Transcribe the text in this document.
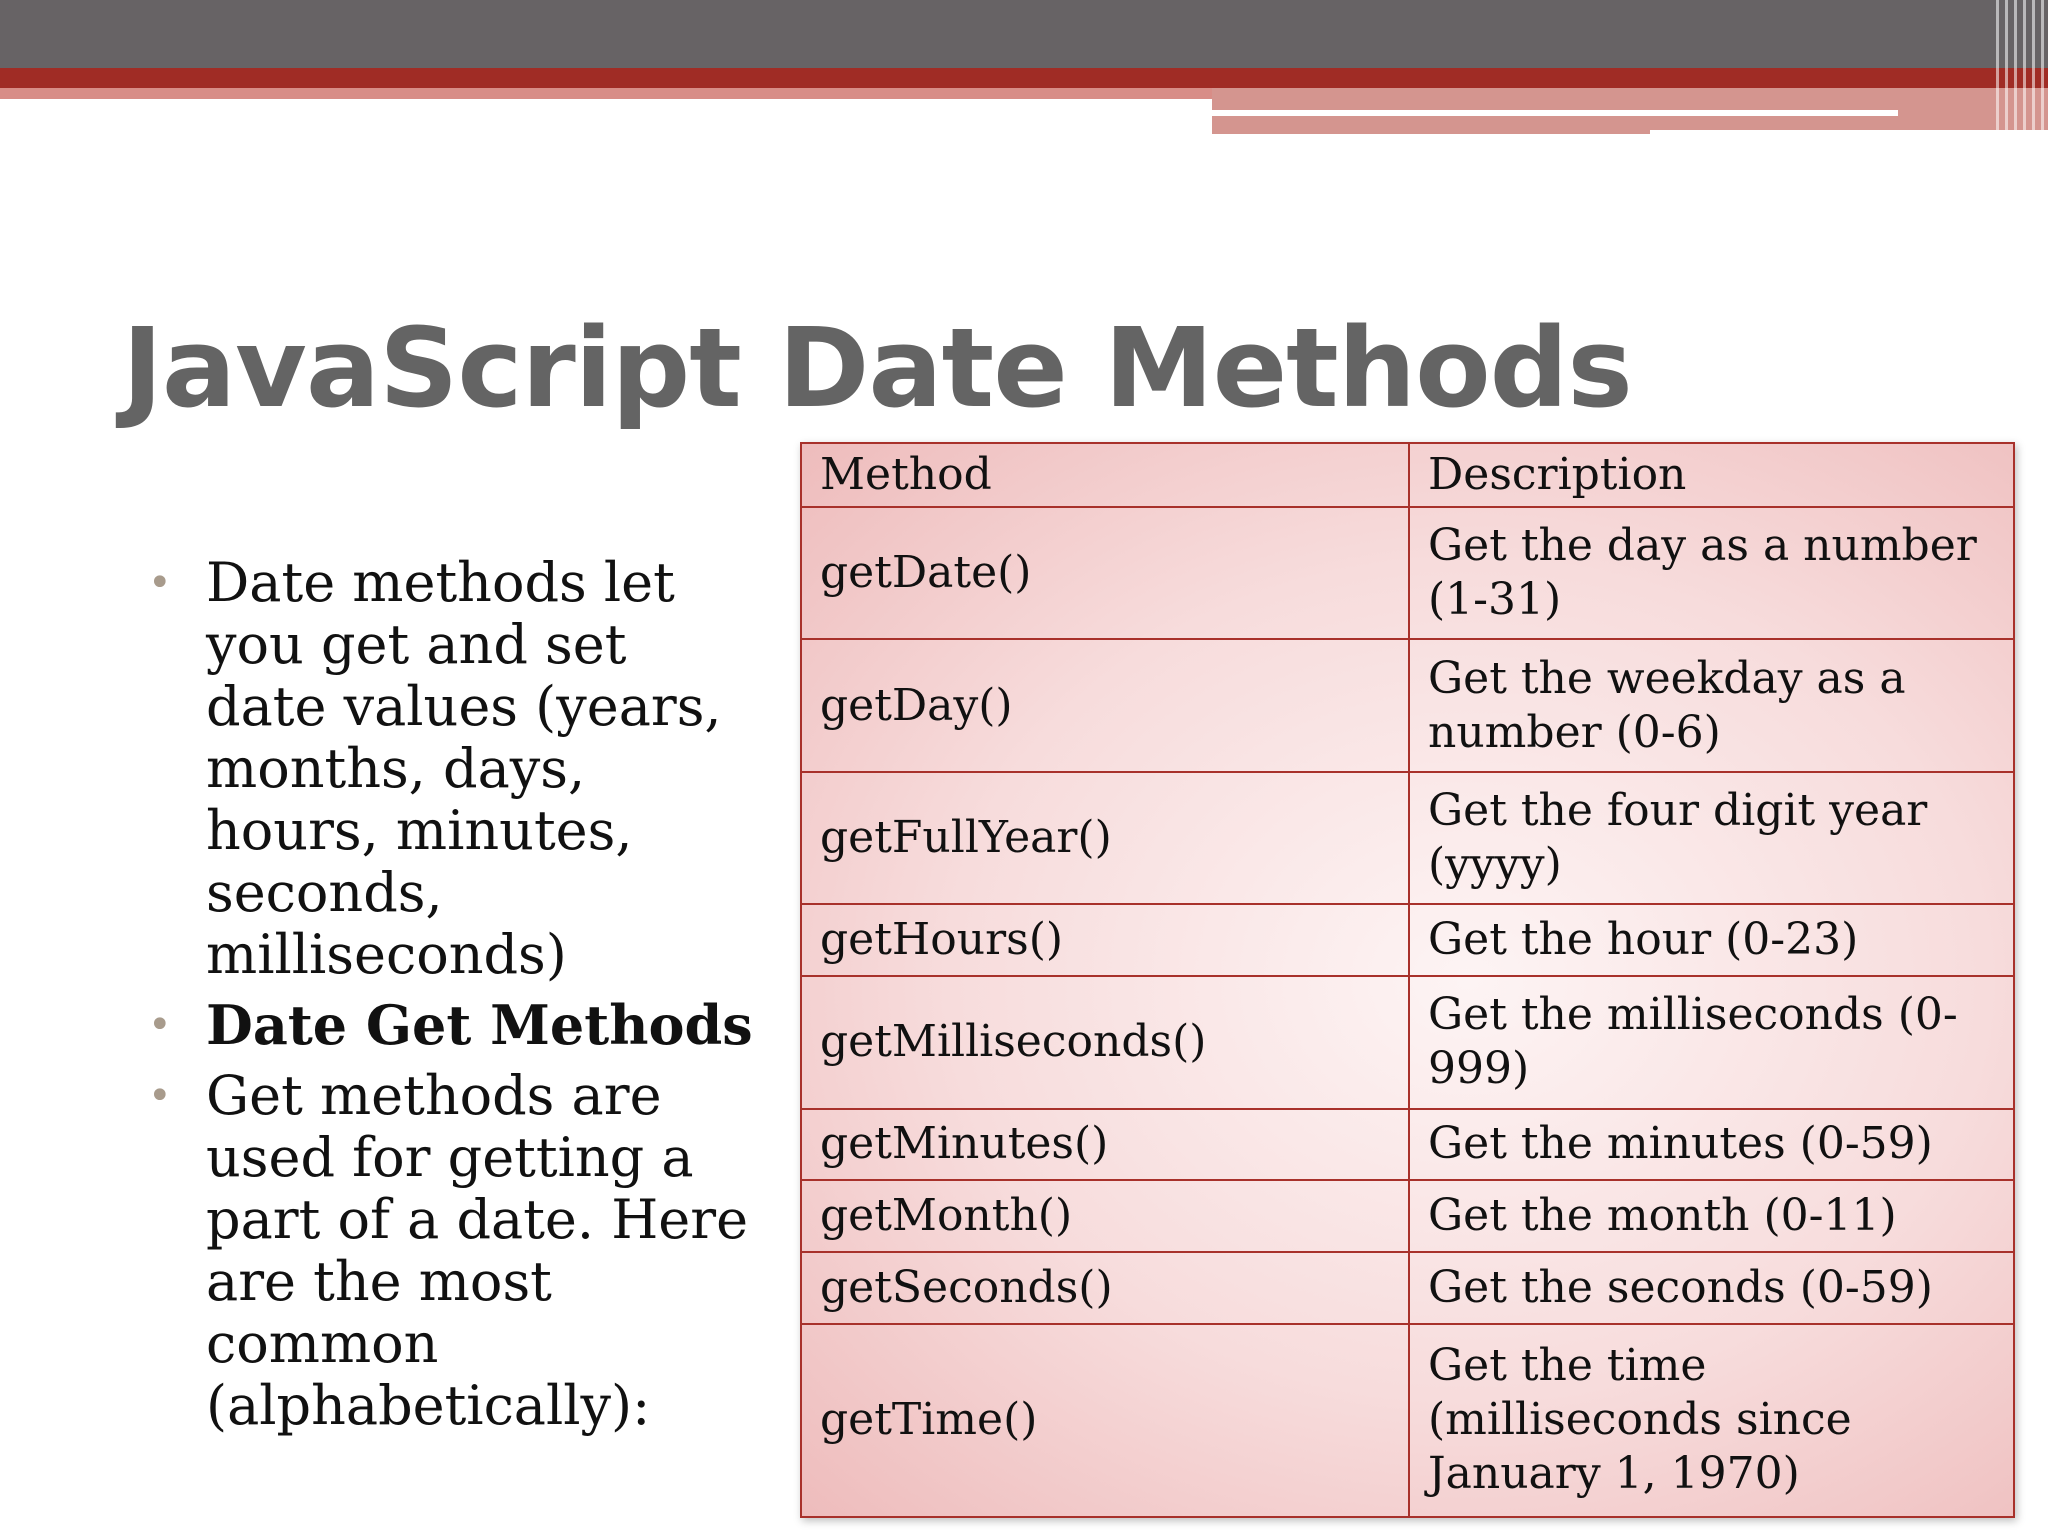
JavaScript Date Methods
• Date methods let you get and set date values (years, months, days, hours, minutes, seconds, milliseconds)
• Date Get Methods
• Get methods are used for getting a part of a date. Here are the most common (alphabetically):
Method	Description
getDate()	Get the day as a number (1-31)
getDay()	Get the weekday as a number (0-6)
getFullYear()	Get the four digit year (yyyy)
getHours()	Get the hour (0-23)
getMilliseconds()	Get the milliseconds (0-999)
getMinutes()	Get the minutes (0-59)
getMonth()	Get the month (0-11)
getSeconds()	Get the seconds (0-59)
getTime()	Get the time (milliseconds since January 1, 1970)
